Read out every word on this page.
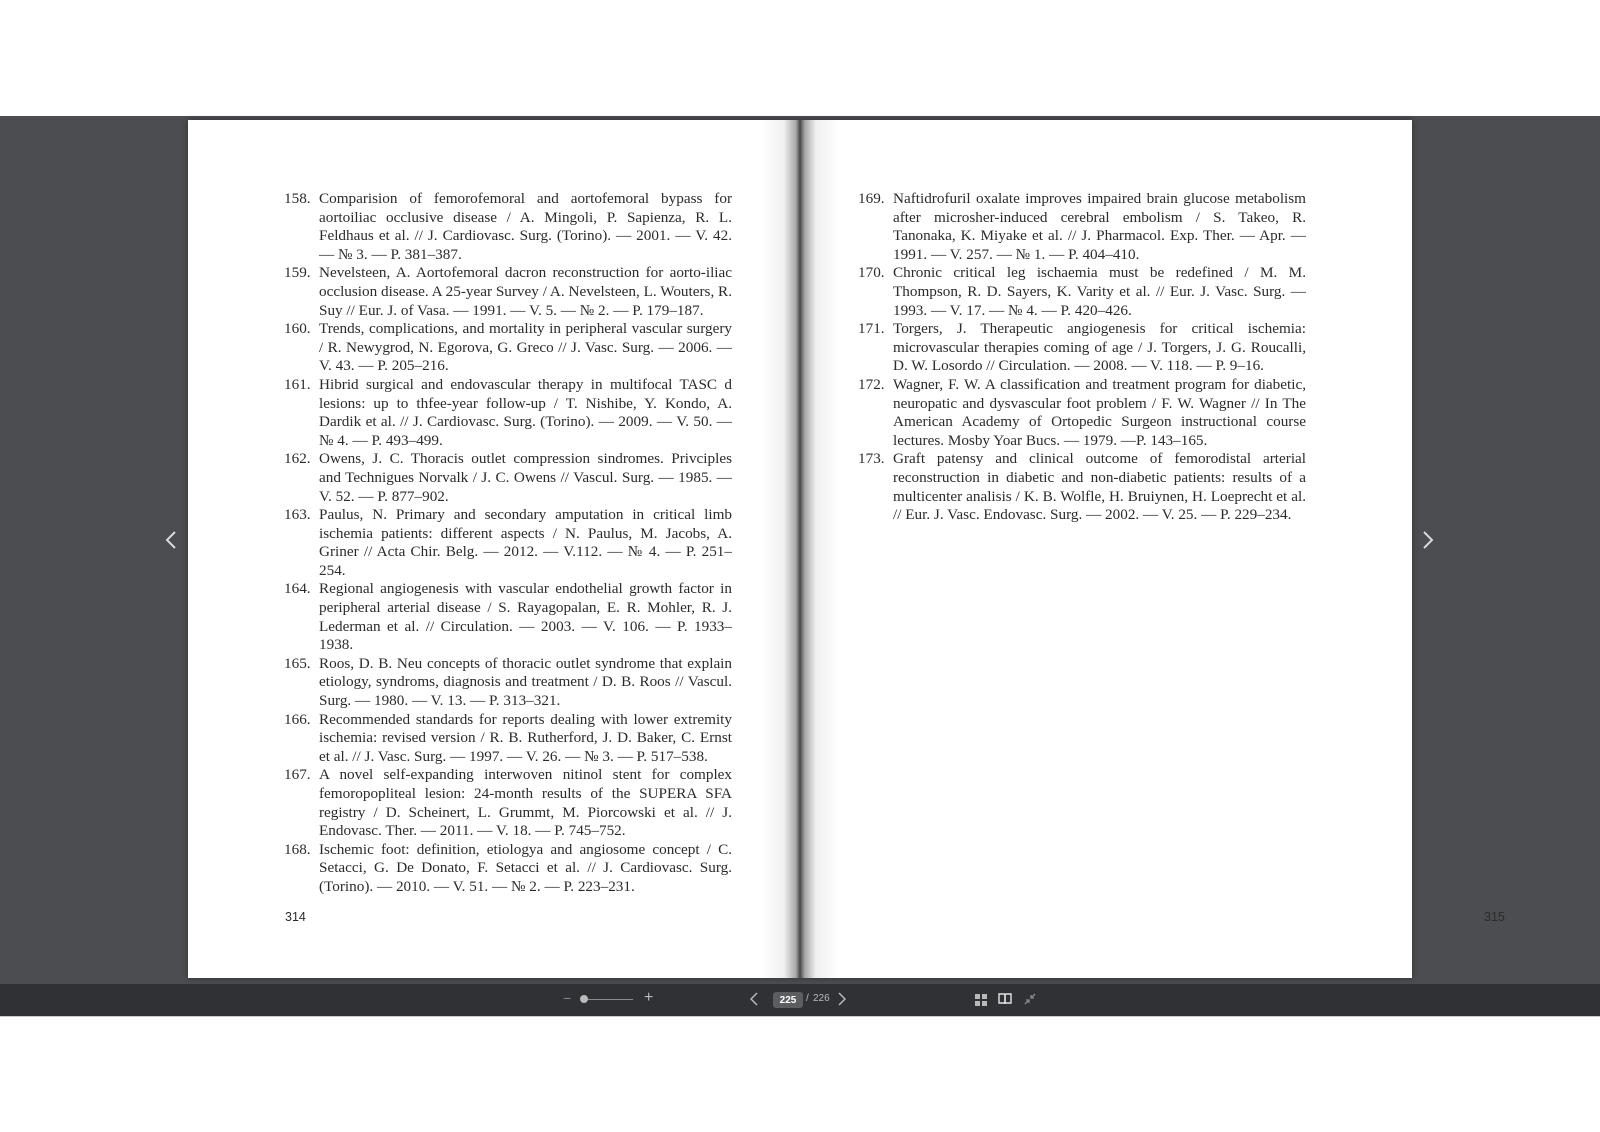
158. Comparision of femorofemoral and aortofemoral bypass for aortoiliac occlusive disease / A. Mingoli, P. Sapienza, R. L. Feldhaus et al. // J. Cardiovasc. Surg. (Torino). — 2001. — V. 42. — № 3. — P. 381–387.
159. Nevelsteen, A. Aortofemoral dacron reconstruction for aorto-iliac occlusion disease. A 25-year Survey / A. Nevelsteen, L. Wouters, R. Suy // Eur. J. of Vasa. — 1991. — V. 5. — № 2. — P. 179–187.
160. Trends, complications, and mortality in peripheral vascular surgery / R. Newygrod, N. Egorova, G. Greco // J. Vasc. Surg. — 2006. — V. 43. — P. 205–216.
161. Hibrid surgical and endovascular therapy in multifocal TASC d lesions: up to thfee-year follow-up / T. Nishibe, Y. Kondo, A. Dardik et al. // J. Cardiovasc. Surg. (Torino). — 2009. — V. 50. — № 4. — P. 493–499.
162. Owens, J. C. Thoracis outlet compression sindromes. Privciples and Technigues Norvalk / J. C. Owens // Vascul. Surg. — 1985. — V. 52. — P. 877–902.
163. Paulus, N. Primary and secondary amputation in critical limb ischemia patients: different aspects / N. Paulus, M. Jacobs, A. Griner // Acta Chir. Belg. — 2012. — V.112. — № 4. — P. 251–254.
164. Regional angiogenesis with vascular endothelial growth factor in peripheral arterial disease / S. Rayagopalan, E. R. Mohler, R. J. Lederman et al. // Circulation. — 2003. — V. 106. — P. 1933–1938.
165. Roos, D. B. Neu concepts of thoracic outlet syndrome that explain etiology, syndroms, diagnosis and treatment / D. B. Roos // Vascul. Surg. — 1980. — V. 13. — P. 313–321.
166. Recommended standards for reports dealing with lower extremity ischemia: revised version / R. B. Rutherford, J. D. Baker, C. Ernst et al. // J. Vasc. Surg. — 1997. — V. 26. — № 3. — P. 517–538.
167. A novel self-expanding interwoven nitinol stent for complex femoropopliteal lesion: 24-month results of the SUPERA SFA registry / D. Scheinert, L. Grummt, M. Piorcowski et al. // J. Endovasc. Ther. — 2011. — V. 18. — P. 745–752.
168. Ischemic foot: definition, etiologya and angiosome concept / C. Setacci, G. De Donato, F. Setacci et al. // J. Cardiovasc. Surg. (Torino). — 2010. — V. 51. — № 2. — P. 223–231.
314
169. Naftidrofuril oxalate improves impaired brain glucose metabolism after microsher-induced cerebral embolism / S. Takeo, R. Tanonaka, K. Miyake et al. // J. Pharmacol. Exp. Ther. — Apr. — 1991. — V. 257. — № 1. — P. 404–410.
170. Chronic critical leg ischaemia must be redefined / M. M. Thompson, R. D. Sayers, K. Varity et al. // Eur. J. Vasc. Surg. — 1993. — V. 17. — № 4. — P. 420–426.
171. Torgers, J. Therapeutic angiogenesis for critical ischemia: microvascular therapies coming of age / J. Torgers, J. G. Roucalli, D. W. Losordo // Circulation. — 2008. — V. 118. — P. 9–16.
172. Wagner, F. W. A classification and treatment program for diabetic, neuropatic and dysvascular foot problem / F. W. Wagner // In The American Academy of Ortopedic Surgeon instructional course lectures. Mosby Yoar Bucs. — 1979. —P. 143–165.
173. Graft patensy and clinical outcome of femorodistal arterial reconstruction in diabetic and non-diabetic patients: results of a multicenter analisis / K. B. Wolfle, H. Bruiynen, H. Loeprecht et al. // Eur. J. Vasc. Endovasc. Surg. — 2002. — V. 25. — P. 229–234.
315
−	+
225	/ 226
